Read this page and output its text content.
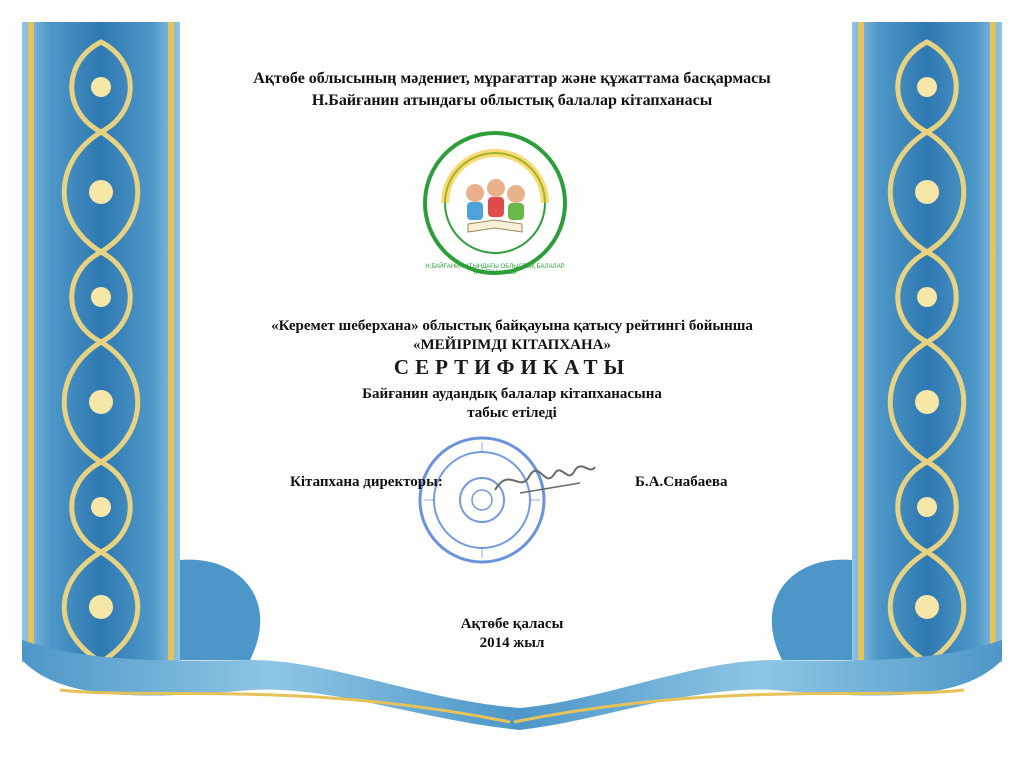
Ақтөбе облысының мәдениет, мұрағаттар және құжаттама басқармасы
Н.Байғанин атындағы облыстық балалар кітапханасы
Н.БАЙҒАНИН АТЫНДАҒЫ ОБЛЫСТЫҚ БАЛАЛАР КІТАПХАНАСЫ
«Керемет шеберхана» облыстық байқауына қатысу рейтингі бойынша
«МЕЙІРІМДІ КІТАПХАНА»
СЕРТИФИКАТЫ
Байғанин аудандық балалар кітапханасына
табыс етіледі
Кітапхана директоры:	Б.А.Снабаева
Ақтөбе қаласы
2014 жыл
